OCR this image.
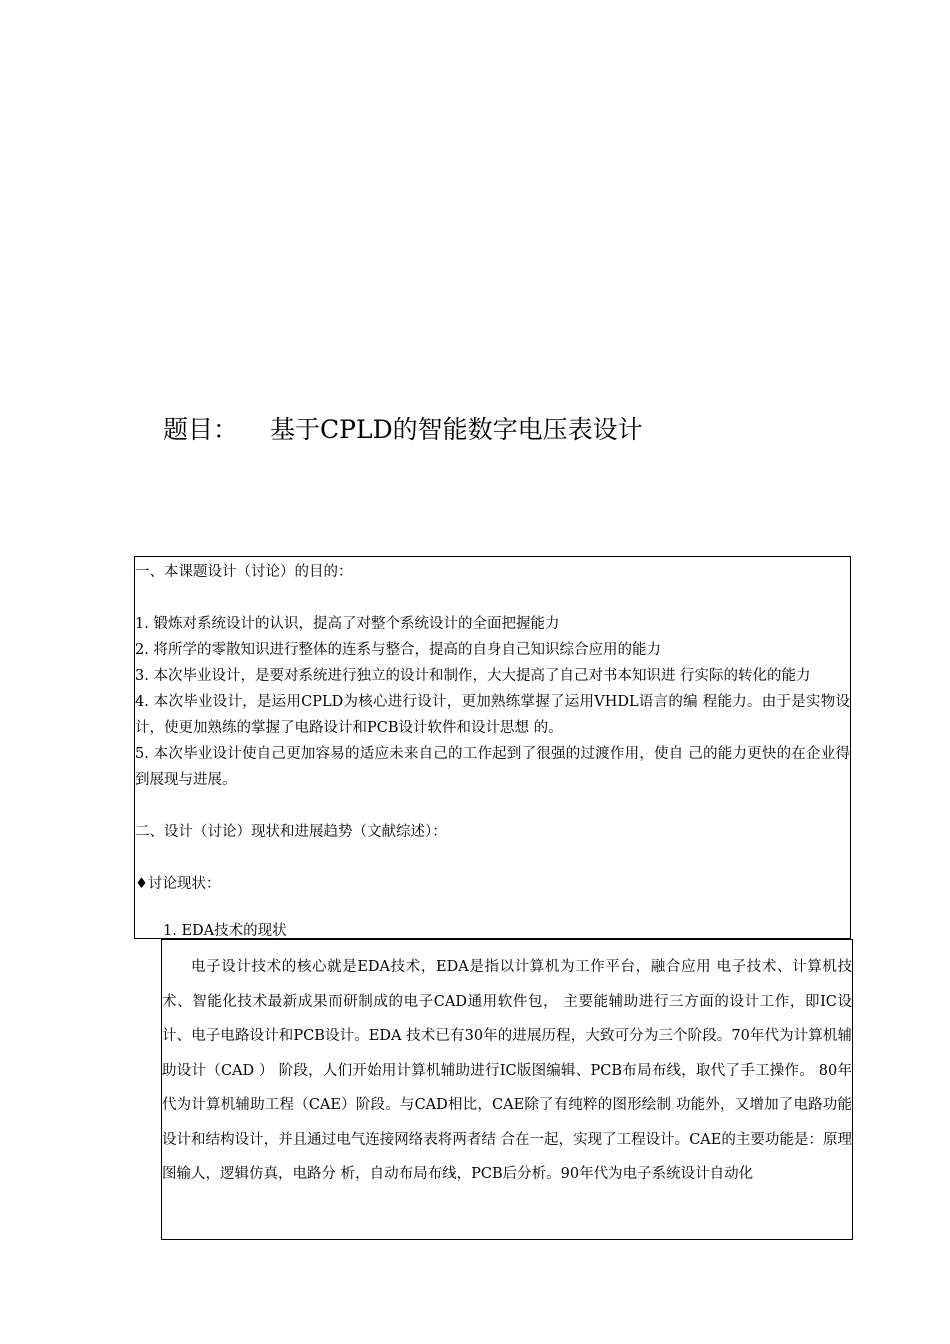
题目： 基于CPLD的智能数字电压表设计
一、本课题设计（讨论）的目的：
1. 锻炼对系统设计的认识，提高了对整个系统设计的全面把握能力
2. 将所学的零散知识进行整体的连系与整合，提高的自身自己知识综合应用的能力
3. 本次毕业设计，是要对系统进行独立的设计和制作，大大提高了自己对书本知识进 行实际的转化的能力
4. 本次毕业设计，是运用CPLD为核心进行设计，更加熟练掌握了运用VHDL语言的编 程能力。由于是实物设计，使更加熟练的掌握了电路设计和PCB设计软件和设计思想 的。
5. 本次毕业设计使自己更加容易的适应未来自己的工作起到了很强的过渡作用，使自 己的能力更快的在企业得到展现与进展。
二、设计（讨论）现状和进展趋势（文献综述）：
♦讨论现状：
1. EDA技术的现状

电子设计技术的核心就是EDA技术，EDA是指以计算机为工作平台，融合应用 电子技术、计算机技术、智能化技术最新成果而研制成的电子CAD通用软件包， 主要能辅助进行三方面的设计工作，即IC设计、电子电路设计和PCB设计。EDA 技术已有30年的进展历程，大致可分为三个阶段。70年代为计算机辅助设计（CAD ） 阶段，人们开始用计算机辅助进行IC版图编辑、PCB布局布线，取代了手工操作。 80年代为计算机辅助工程（CAE）阶段。与CAD相比，CAE除了有纯粹的图形绘制 功能外，又增加了电路功能设计和结构设计，并且通过电气连接网络表将两者结 合在一起，实现了工程设计。CAE的主要功能是：原理图输人，逻辑仿真，电路分 析，自动布局布线，PCB后分析。90年代为电子系统设计自动化
